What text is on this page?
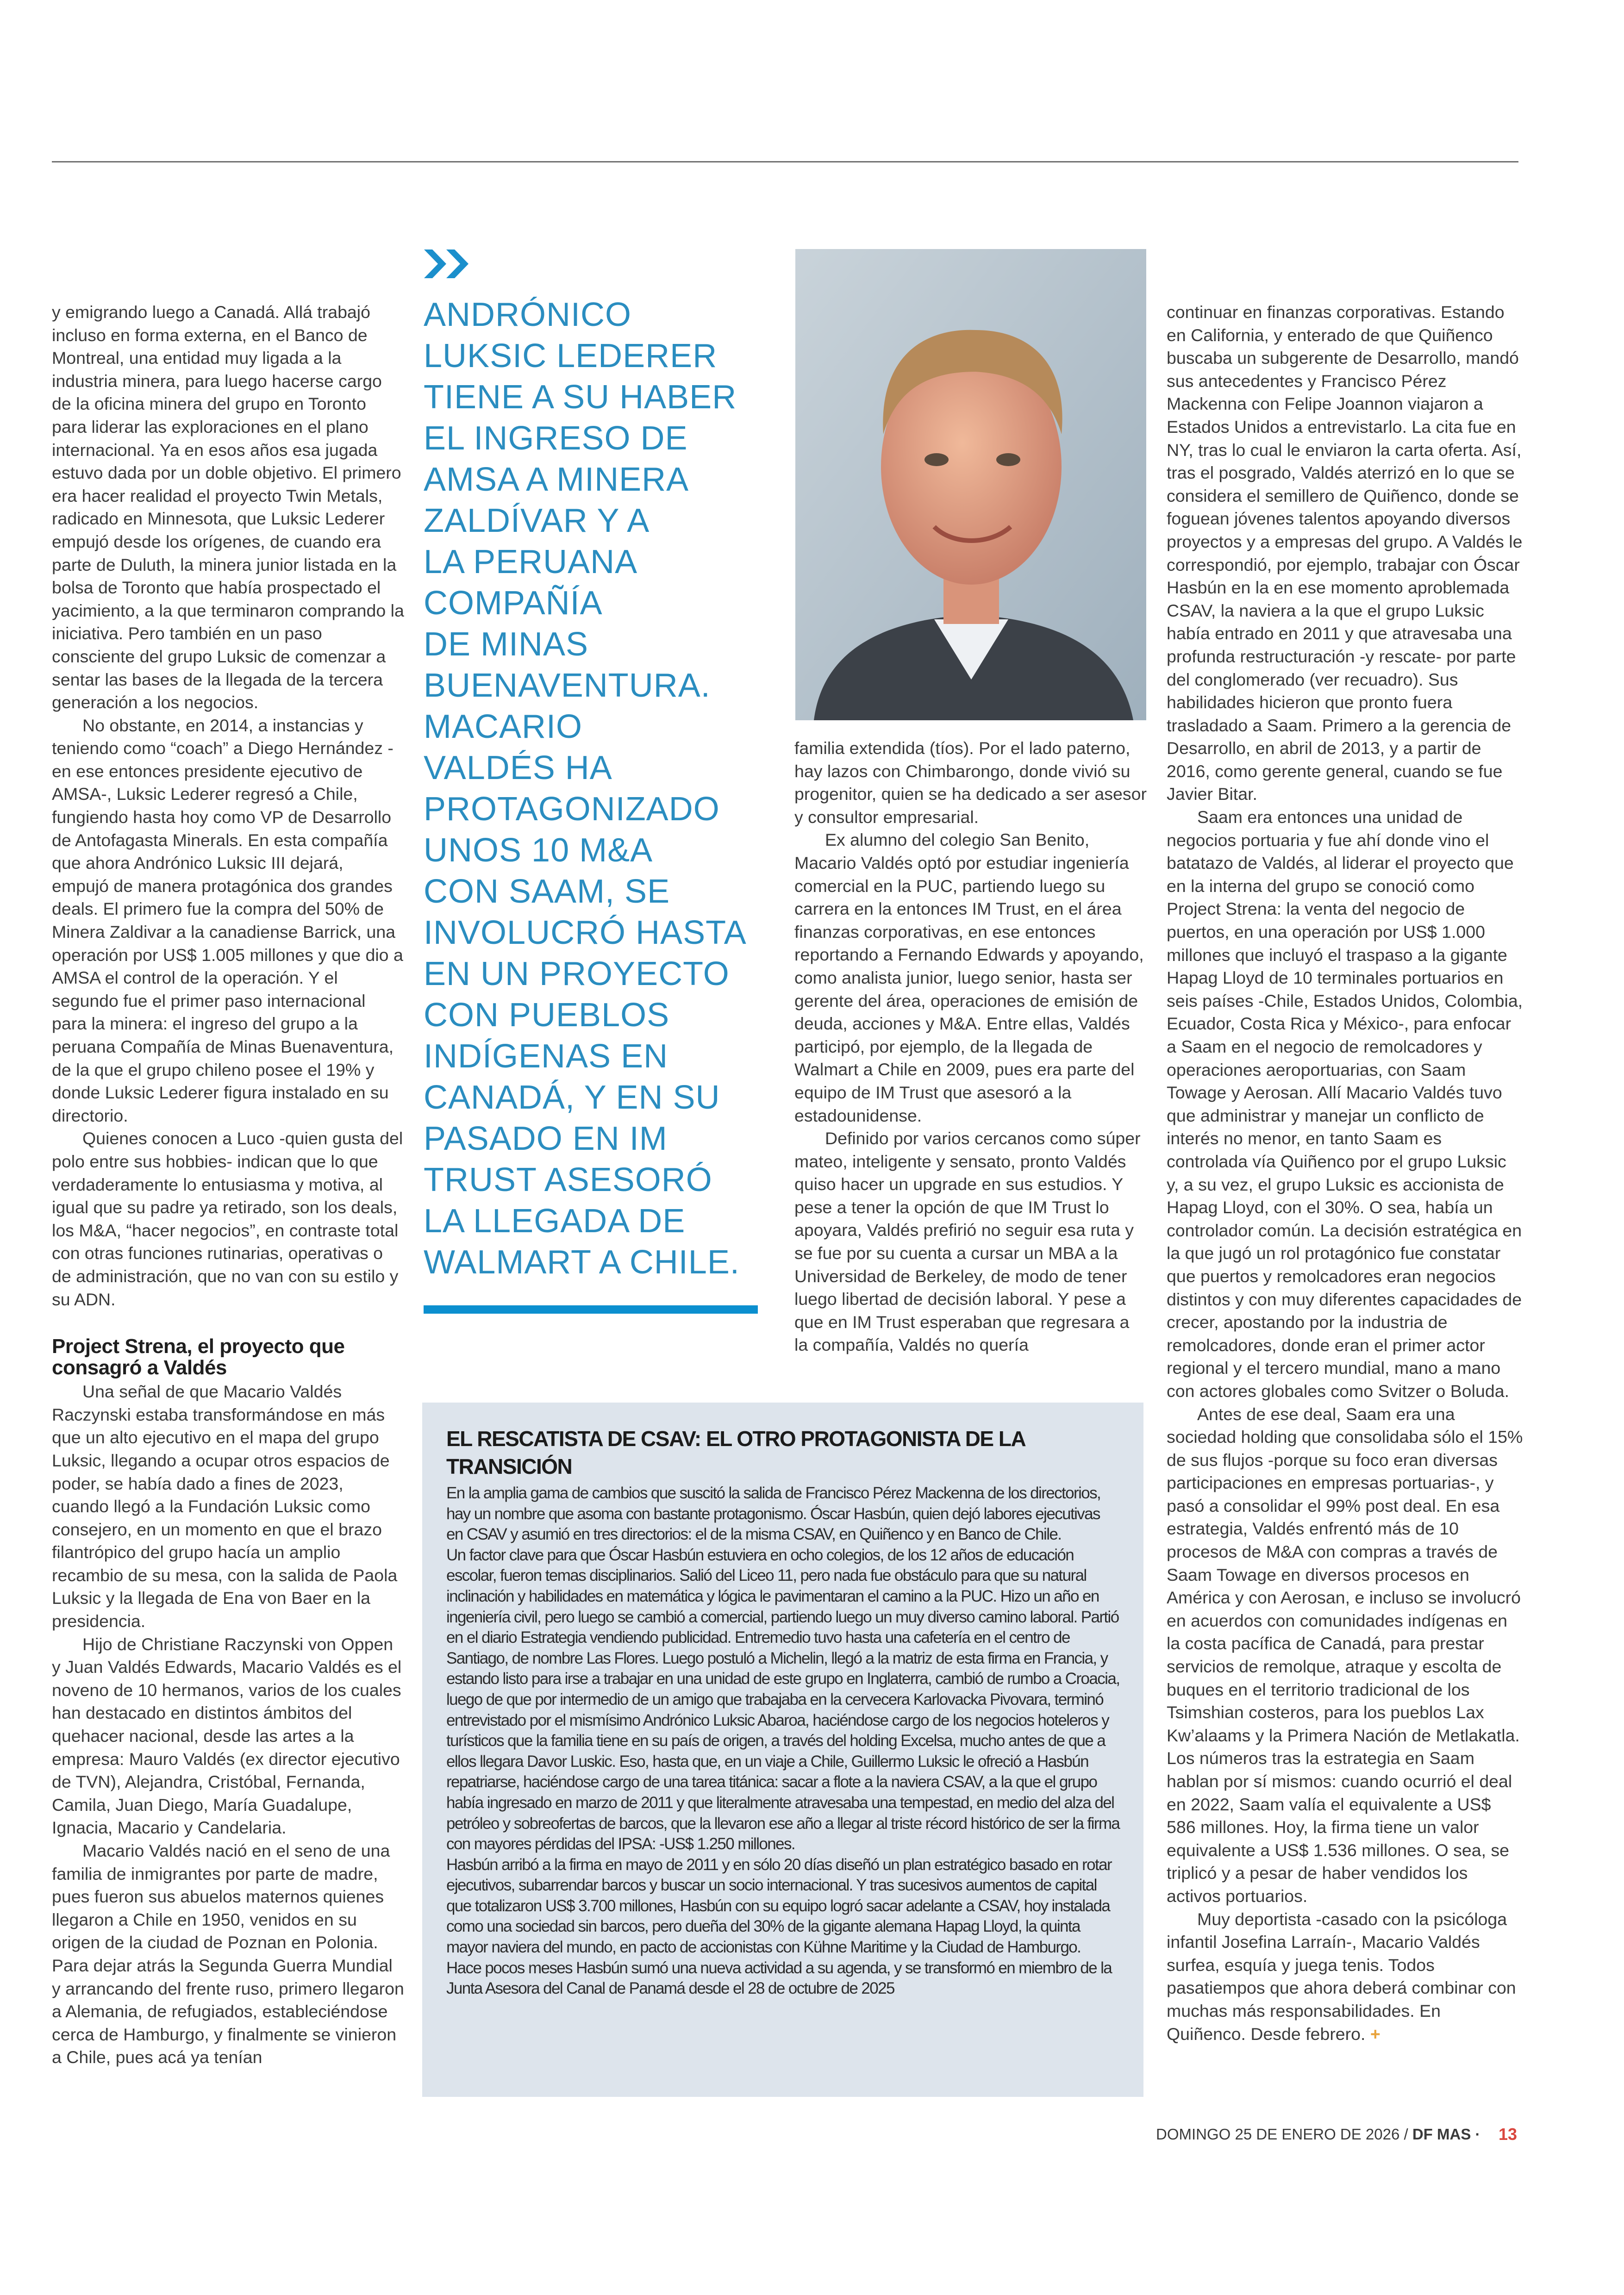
y emigrando luego a Canadá. Allá trabajó incluso en forma externa, en el Banco de Montreal, una entidad muy ligada a la industria minera, para luego hacerse cargo de la oficina minera del grupo en Toronto para liderar las exploraciones en el plano internacional. Ya en esos años esa jugada estuvo dada por un doble objetivo. El primero era hacer realidad el proyecto Twin Metals, radicado en Minnesota, que Luksic Lederer empujó desde los orígenes, de cuando era parte de Duluth, la minera junior listada en la bolsa de Toronto que había prospectado el yacimiento, a la que terminaron comprando la iniciativa. Pero también en un paso consciente del grupo Luksic de comenzar a sentar las bases de la llegada de la tercera generación a los negocios.

No obstante, en 2014, a instancias y teniendo como “coach” a Diego Hernández -en ese entonces presidente ejecutivo de AMSA-, Luksic Lederer regresó a Chile, fungiendo hasta hoy como VP de Desarrollo de Antofagasta Minerals. En esta compañía que ahora Andrónico Luksic III dejará, empujó de manera protagónica dos grandes deals. El primero fue la compra del 50% de Minera Zaldivar a la canadiense Barrick, una operación por US$ 1.005 millones y que dio a AMSA el control de la operación. Y el segundo fue el primer paso internacional para la minera: el ingreso del grupo a la peruana Compañía de Minas Buenaventura, de la que el grupo chileno posee el 19% y donde Luksic Lederer figura instalado en su directorio.

Quienes conocen a Luco -quien gusta del polo entre sus hobbies- indican que lo que verdaderamente lo entusiasma y motiva, al igual que su padre ya retirado, son los deals, los M&A, “hacer negocios”, en contraste total con otras funciones rutinarias, operativas o de administración, que no van con su estilo y su ADN.

Project Strena, el proyecto que consagró a Valdés

Una señal de que Macario Valdés Raczynski estaba transformándose en más que un alto ejecutivo en el mapa del grupo Luksic, llegando a ocupar otros espacios de poder, se había dado a fines de 2023, cuando llegó a la Fundación Luksic como consejero, en un momento en que el brazo filantrópico del grupo hacía un amplio recambio de su mesa, con la salida de Paola Luksic y la llegada de Ena von Baer en la presidencia.

Hijo de Christiane Raczynski von Oppen y Juan Valdés Edwards, Macario Valdés es el noveno de 10 hermanos, varios de los cuales han destacado en distintos ámbitos del quehacer nacional, desde las artes a la empresa: Mauro Valdés (ex director ejecutivo de TVN), Alejandra, Cristóbal, Fernanda, Camila, Juan Diego, María Guadalupe, Ignacia, Macario y Candelaria.

Macario Valdés nació en el seno de una familia de inmigrantes por parte de madre, pues fueron sus abuelos maternos quienes llegaron a Chile en 1950, venidos en su origen de la ciudad de Poznan en Polonia. Para dejar atrás la Segunda Guerra Mundial y arrancando del frente ruso, primero llegaron a Alemania, de refugiados, estableciéndose cerca de Hamburgo, y finalmente se vinieron a Chile, pues acá ya tenían

ANDRÓNICO
LUKSIC LEDERER
TIENE A SU HABER
EL INGRESO DE
AMSA A MINERA
ZALDÍVAR Y A
LA PERUANA
COMPAÑÍA
DE MINAS
BUENAVENTURA.
MACARIO
VALDÉS HA
PROTAGONIZADO
UNOS 10 M&A
CON SAAM, SE
INVOLUCRÓ HASTA
EN UN PROYECTO
CON PUEBLOS
INDÍGENAS EN
CANADÁ, Y EN SU
PASADO EN IM
TRUST ASESORÓ
LA LLEGADA DE
WALMART A CHILE.

familia extendida (tíos). Por el lado paterno, hay lazos con Chimbarongo, donde vivió su progenitor, quien se ha dedicado a ser asesor y consultor empresarial.

Ex alumno del colegio San Benito, Macario Valdés optó por estudiar ingeniería comercial en la PUC, partiendo luego su carrera en la entonces IM Trust, en el área finanzas corporativas, en ese entonces reportando a Fernando Edwards y apoyando, como analista junior, luego senior, hasta ser gerente del área, operaciones de emisión de deuda, acciones y M&A. Entre ellas, Valdés participó, por ejemplo, de la llegada de Walmart a Chile en 2009, pues era parte del equipo de IM Trust que asesoró a la estadounidense.

Definido por varios cercanos como súper mateo, inteligente y sensato, pronto Valdés quiso hacer un upgrade en sus estudios. Y pese a tener la opción de que IM Trust lo apoyara, Valdés prefirió no seguir esa ruta y se fue por su cuenta a cursar un MBA a la Universidad de Berkeley, de modo de tener luego libertad de decisión laboral. Y pese a que en IM Trust esperaban que regresara a la compañía, Valdés no quería

continuar en finanzas corporativas. Estando en California, y enterado de que Quiñenco buscaba un subgerente de Desarrollo, mandó sus antecedentes y Francisco Pérez Mackenna con Felipe Joannon viajaron a Estados Unidos a entrevistarlo. La cita fue en NY, tras lo cual le enviaron la carta oferta. Así, tras el posgrado, Valdés aterrizó en lo que se considera el semillero de Quiñenco, donde se foguean jóvenes talentos apoyando diversos proyectos y a empresas del grupo. A Valdés le correspondió, por ejemplo, trabajar con Óscar Hasbún en la en ese momento aproblemada CSAV, la naviera a la que el grupo Luksic había entrado en 2011 y que atravesaba una profunda restructuración -y rescate- por parte del conglomerado (ver recuadro). Sus habilidades hicieron que pronto fuera trasladado a Saam. Primero a la gerencia de Desarrollo, en abril de 2013, y a partir de 2016, como gerente general, cuando se fue Javier Bitar.

Saam era entonces una unidad de negocios portuaria y fue ahí donde vino el batatazo de Valdés, al liderar el proyecto que en la interna del grupo se conoció como Project Strena: la venta del negocio de puertos, en una operación por US$ 1.000 millones que incluyó el traspaso a la gigante Hapag Lloyd de 10 terminales portuarios en seis países -Chile, Estados Unidos, Colombia, Ecuador, Costa Rica y México-, para enfocar a Saam en el negocio de remolcadores y operaciones aeroportuarias, con Saam Towage y Aerosan. Allí Macario Valdés tuvo que administrar y manejar un conflicto de interés no menor, en tanto Saam es controlada vía Quiñenco por el grupo Luksic y, a su vez, el grupo Luksic es accionista de Hapag Lloyd, con el 30%. O sea, había un controlador común. La decisión estratégica en la que jugó un rol protagónico fue constatar que puertos y remolcadores eran negocios distintos y con muy diferentes capacidades de crecer, apostando por la industria de remolcadores, donde eran el primer actor regional y el tercero mundial, mano a mano con actores globales como Svitzer o Boluda.

Antes de ese deal, Saam era una sociedad holding que consolidaba sólo el 15% de sus flujos -porque su foco eran diversas participaciones en empresas portuarias-, y pasó a consolidar el 99% post deal. En esa estrategia, Valdés enfrentó más de 10 procesos de M&A con compras a través de Saam Towage en diversos procesos en América y con Aerosan, e incluso se involucró en acuerdos con comunidades indígenas en la costa pacífica de Canadá, para prestar servicios de remolque, atraque y escolta de buques en el territorio tradicional de los Tsimshian costeros, para los pueblos Lax Kw’alaams y la Primera Nación de Metlakatla. Los números tras la estrategia en Saam hablan por sí mismos: cuando ocurrió el deal en 2022, Saam valía el equivalente a US$ 586 millones. Hoy, la firma tiene un valor equivalente a US$ 1.536 millones. O sea, se triplicó y a pesar de haber vendidos los activos portuarios.

Muy deportista -casado con la psicóloga infantil Josefina Larraín-, Macario Valdés surfea, esquía y juega tenis. Todos pasatiempos que ahora deberá combinar con muchas más responsabilidades. En Quiñenco. Desde febrero. +

EL RESCATISTA DE CSAV: EL OTRO PROTAGONISTA DE LA TRANSICIÓN

En la amplia gama de cambios que suscitó la salida de Francisco Pérez Mackenna de los directorios, hay un nombre que asoma con bastante protagonismo. Óscar Hasbún, quien dejó labores ejecutivas en CSAV y asumió en tres directorios: el de la misma CSAV, en Quiñenco y en Banco de Chile.

Un factor clave para que Óscar Hasbún estuviera en ocho colegios, de los 12 años de educación escolar, fueron temas disciplinarios. Salió del Liceo 11, pero nada fue obstáculo para que su natural inclinación y habilidades en matemática y lógica le pavimentaran el camino a la PUC. Hizo un año en ingeniería civil, pero luego se cambió a comercial, partiendo luego un muy diverso camino laboral. Partió en el diario Estrategia vendiendo publicidad. Entremedio tuvo hasta una cafetería en el centro de Santiago, de nombre Las Flores. Luego postuló a Michelin, llegó a la matriz de esta firma en Francia, y estando listo para irse a trabajar en una unidad de este grupo en Inglaterra, cambió de rumbo a Croacia, luego de que por intermedio de un amigo que trabajaba en la cervecera Karlovacka Pivovara, terminó entrevistado por el mismísimo Andrónico Luksic Abaroa, haciéndose cargo de los negocios hoteleros y turísticos que la familia tiene en su país de origen, a través del holding Excelsa, mucho antes de que a ellos llegara Davor Luskic. Eso, hasta que, en un viaje a Chile, Guillermo Luksic le ofreció a Hasbún repatriarse, haciéndose cargo de una tarea titánica: sacar a flote a la naviera CSAV, a la que el grupo había ingresado en marzo de 2011 y que literalmente atravesaba una tempestad, en medio del alza del petróleo y sobreofertas de barcos, que la llevaron ese año a llegar al triste récord histórico de ser la firma con mayores pérdidas del IPSA: -US$ 1.250 millones.

Hasbún arribó a la firma en mayo de 2011 y en sólo 20 días diseñó un plan estratégico basado en rotar ejecutivos, subarrendar barcos y buscar un socio internacional. Y tras sucesivos aumentos de capital que totalizaron US$ 3.700 millones, Hasbún con su equipo logró sacar adelante a CSAV, hoy instalada como una sociedad sin barcos, pero dueña del 30% de la gigante alemana Hapag Lloyd, la quinta mayor naviera del mundo, en pacto de accionistas con Kühne Maritime y la Ciudad de Hamburgo.

Hace pocos meses Hasbún sumó una nueva actividad a su agenda, y se transformó en miembro de la Junta Asesora del Canal de Panamá desde el 28 de octubre de 2025

DOMINGO 25 DE ENERO DE 2026 / DF MAS · 13
